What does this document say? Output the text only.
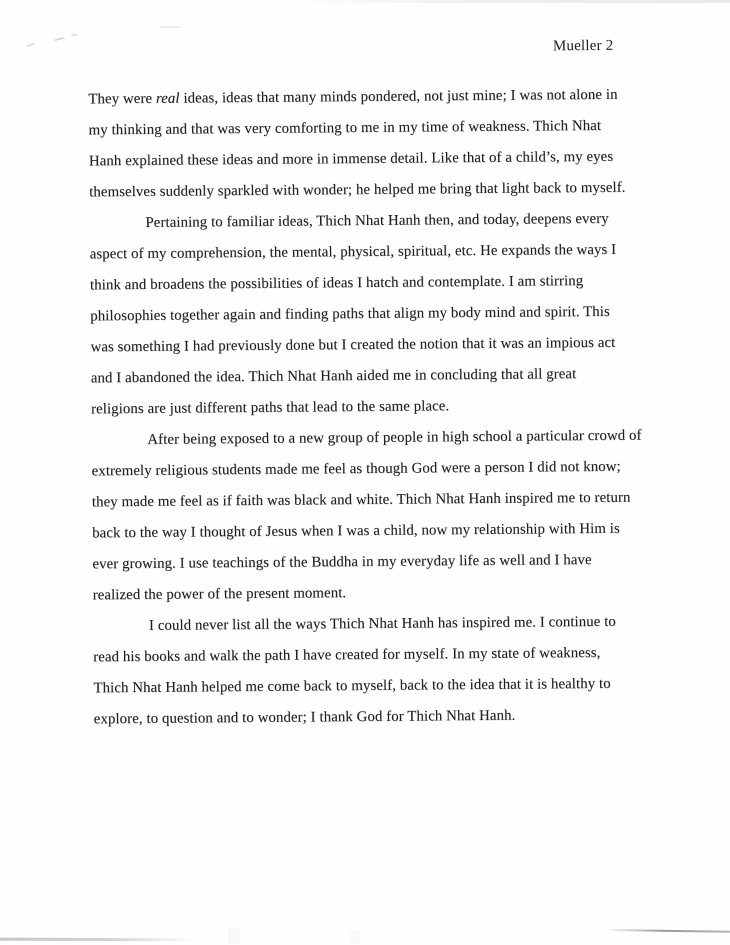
Mueller 2
They were real ideas, ideas that many minds pondered, not just mine; I was not alone in
my thinking and that was very comforting to me in my time of weakness. Thich Nhat
Hanh explained these ideas and more in immense detail. Like that of a child’s, my eyes
themselves suddenly sparkled with wonder; he helped me bring that light back to myself.
Pertaining to familiar ideas, Thich Nhat Hanh then, and today, deepens every
aspect of my comprehension, the mental, physical, spiritual, etc. He expands the ways I
think and broadens the possibilities of ideas I hatch and contemplate. I am stirring
philosophies together again and finding paths that align my body mind and spirit. This
was something I had previously done but I created the notion that it was an impious act
and I abandoned the idea. Thich Nhat Hanh aided me in concluding that all great
religions are just different paths that lead to the same place.
After being exposed to a new group of people in high school a particular crowd of
extremely religious students made me feel as though God were a person I did not know;
they made me feel as if faith was black and white. Thich Nhat Hanh inspired me to return
back to the way I thought of Jesus when I was a child, now my relationship with Him is
ever growing. I use teachings of the Buddha in my everyday life as well and I have
realized the power of the present moment.
I could never list all the ways Thich Nhat Hanh has inspired me. I continue to
read his books and walk the path I have created for myself. In my state of weakness,
Thich Nhat Hanh helped me come back to myself, back to the idea that it is healthy to
explore, to question and to wonder; I thank God for Thich Nhat Hanh.
